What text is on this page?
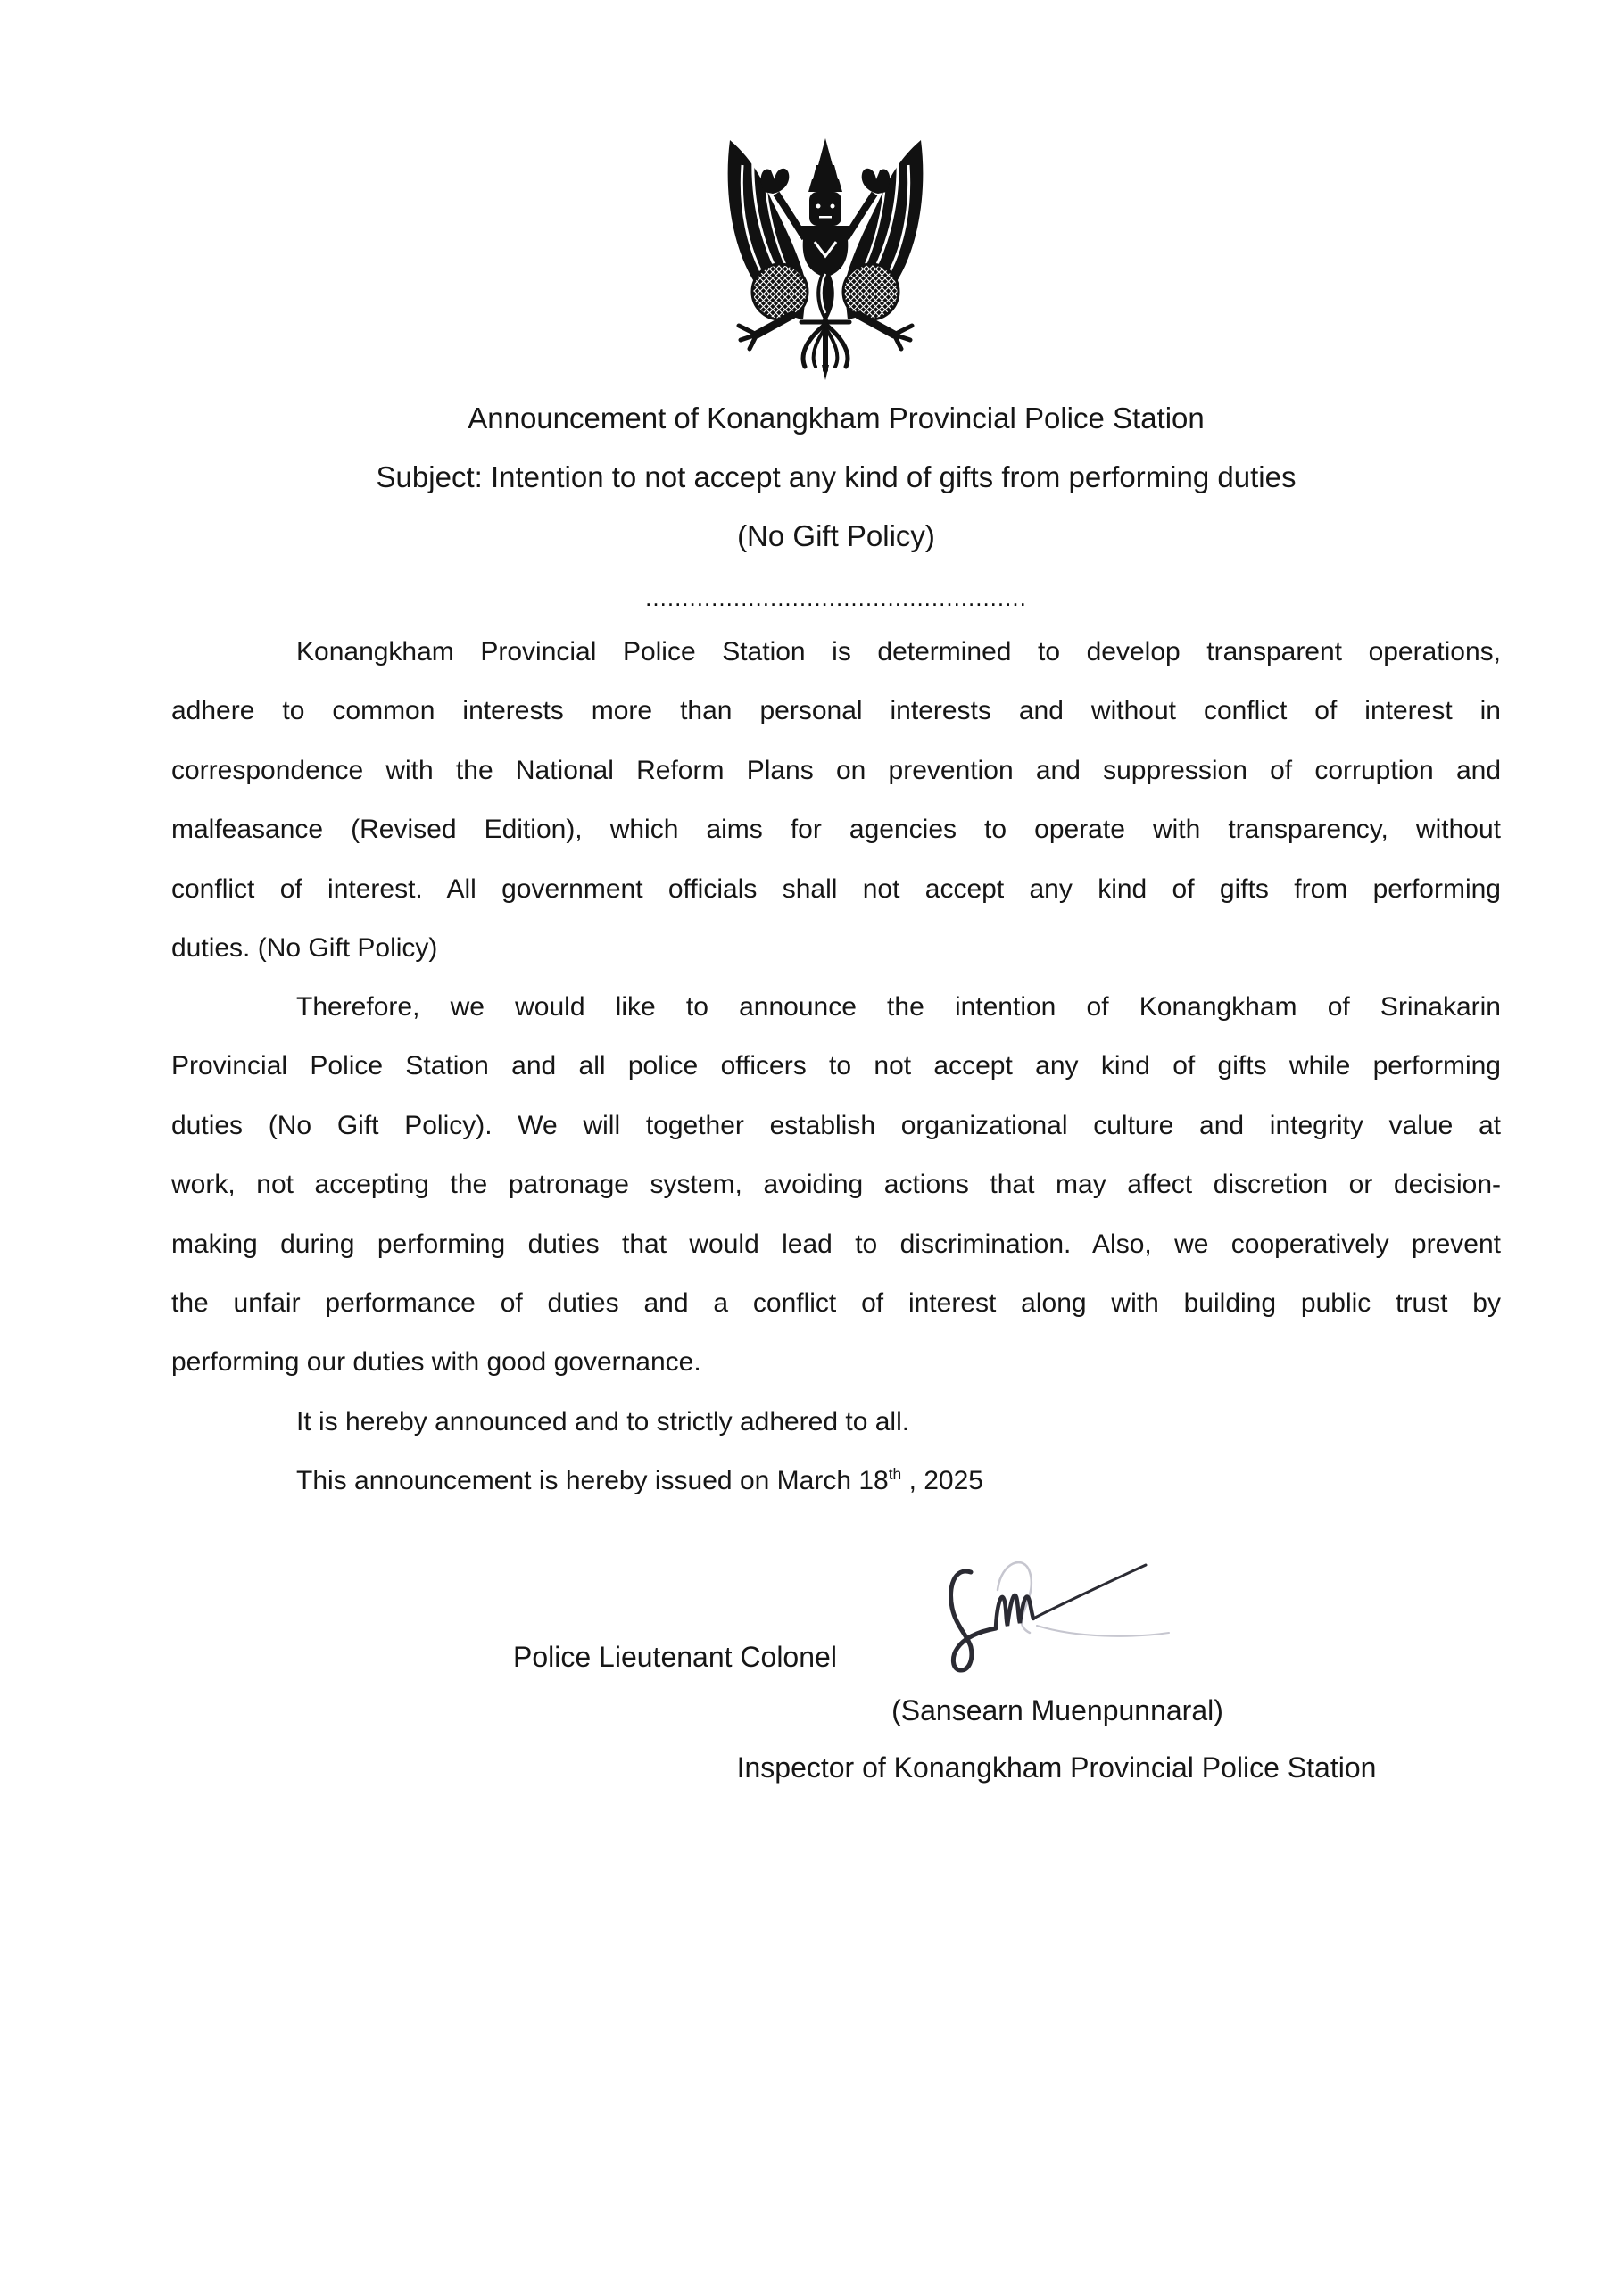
Announcement of Konangkham Provincial Police Station
Subject: Intention to not accept any kind of gifts from performing duties
(No Gift Policy)
....................................................
Konangkham Provincial Police Station is determined to develop transparent operations,
adhere to common interests more than personal interests and without conflict of interest in
correspondence with the National Reform Plans on prevention and suppression of corruption and
malfeasance (Revised Edition), which aims for agencies to operate with transparency, without
conflict of interest. All government officials shall not accept any kind of gifts from performing
duties. (No Gift Policy)
Therefore, we would like to announce the intention of Konangkham of Srinakarin
Provincial Police Station and all police officers to not accept any kind of gifts while performing
duties (No Gift Policy). We will together establish organizational culture and integrity value at
work, not accepting the patronage system, avoiding actions that may affect discretion or decision-
making during performing duties that would lead to discrimination. Also, we cooperatively prevent
the unfair performance of duties and a conflict of interest along with building public trust by
performing our duties with good governance.
It is hereby announced and to strictly adhered to all.
This announcement is hereby issued on March 18th , 2025
Police Lieutenant Colonel
(Sansearn Muenpunnaral)
Inspector of Konangkham Provincial Police Station
